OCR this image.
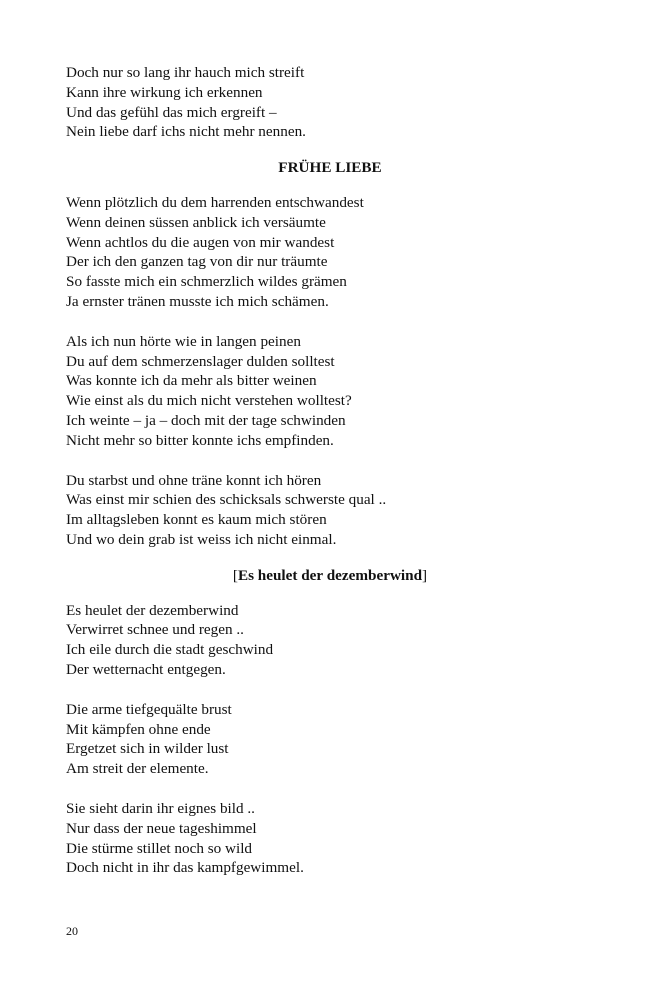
Doch nur so lang ihr hauch mich streift
Kann ihre wirkung ich erkennen
Und das gefühl das mich ergreift –
Nein liebe darf ichs nicht mehr nennen.
FRÜHE LIEBE
Wenn plötzlich du dem harrenden entschwandest
Wenn deinen süssen anblick ich versäumte
Wenn achtlos du die augen von mir wandest
Der ich den ganzen tag von dir nur träumte
So fasste mich ein schmerzlich wildes grämen
Ja ernster tränen musste ich mich schämen.
Als ich nun hörte wie in langen peinen
Du auf dem schmerzenslager dulden solltest
Was konnte ich da mehr als bitter weinen
Wie einst als du mich nicht verstehen wolltest?
Ich weinte – ja – doch mit der tage schwinden
Nicht mehr so bitter konnte ichs empfinden.
Du starbst und ohne träne konnt ich hören
Was einst mir schien des schicksals schwerste qual ..
Im alltagsleben konnt es kaum mich stören
Und wo dein grab ist weiss ich nicht einmal.
[Es heulet der dezemberwind]
Es heulet der dezemberwind
Verwirret schnee und regen ..
Ich eile durch die stadt geschwind
Der wetternacht entgegen.
Die arme tiefgequälte brust
Mit kämpfen ohne ende
Ergetzet sich in wilder lust
Am streit der elemente.
Sie sieht darin ihr eignes bild ..
Nur dass der neue tageshimmel
Die stürme stillet noch so wild
Doch nicht in ihr das kampfgewimmel.
20
